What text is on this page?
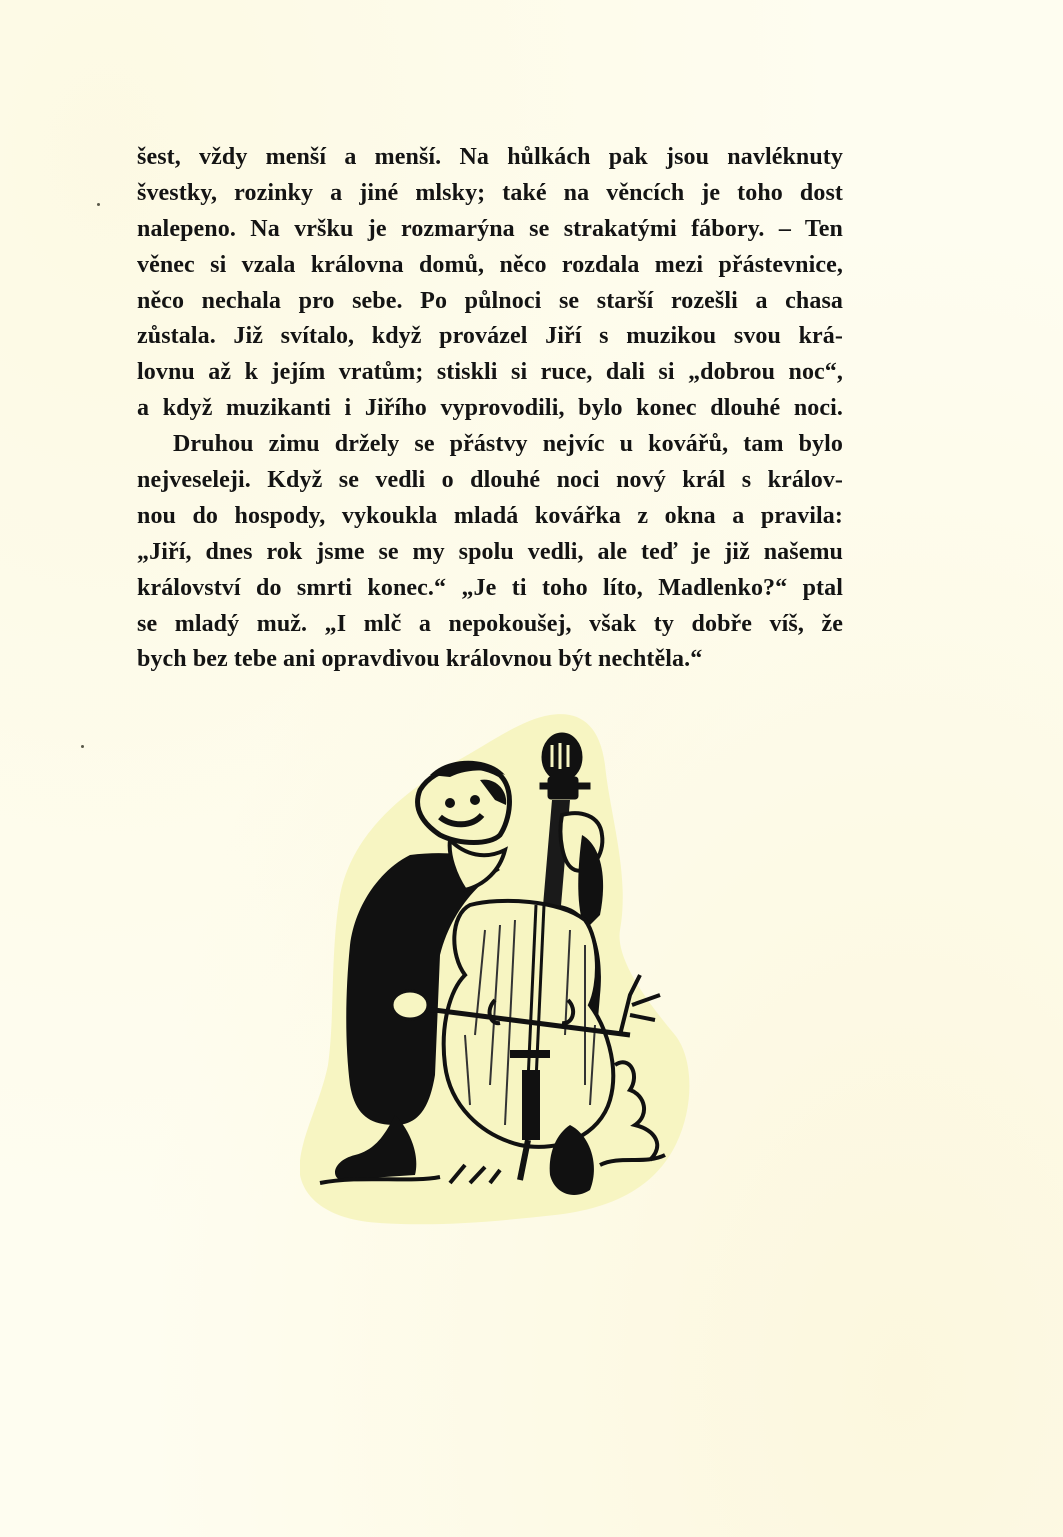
šest, vždy menší a menší. Na hůlkách pak jsou navléknuty
švestky, rozinky a jiné mlsky; také na věncích je toho dost
nalepeno. Na vršku je rozmarýna se strakatými fábory. – Ten
věnec si vzala královna domů, něco rozdala mezi přástevnice,
něco nechala pro sebe. Po půlnoci se starší rozešli a chasa
zůstala. Již svítalo, když provázel Jiří s muzikou svou krá-
lovnu až k jejím vratům; stiskli si ruce, dali si „dobrou noc“,
a když muzikanti i Jiřího vyprovodili, bylo konec dlouhé noci.
Druhou zimu držely se přástvy nejvíc u kovářů, tam bylo
nejveseleji. Když se vedli o dlouhé noci nový král s králov-
nou do hospody, vykoukla mladá kovářka z okna a pravila:
„Jiří, dnes rok jsme se my spolu vedli, ale teď je již našemu
království do smrti konec.“ „Je ti toho líto, Madlenko?“ ptal
se mladý muž. „I mlč a nepokoušej, však ty dobře víš, že
bych bez tebe ani opravdivou královnou být nechtěla.“
